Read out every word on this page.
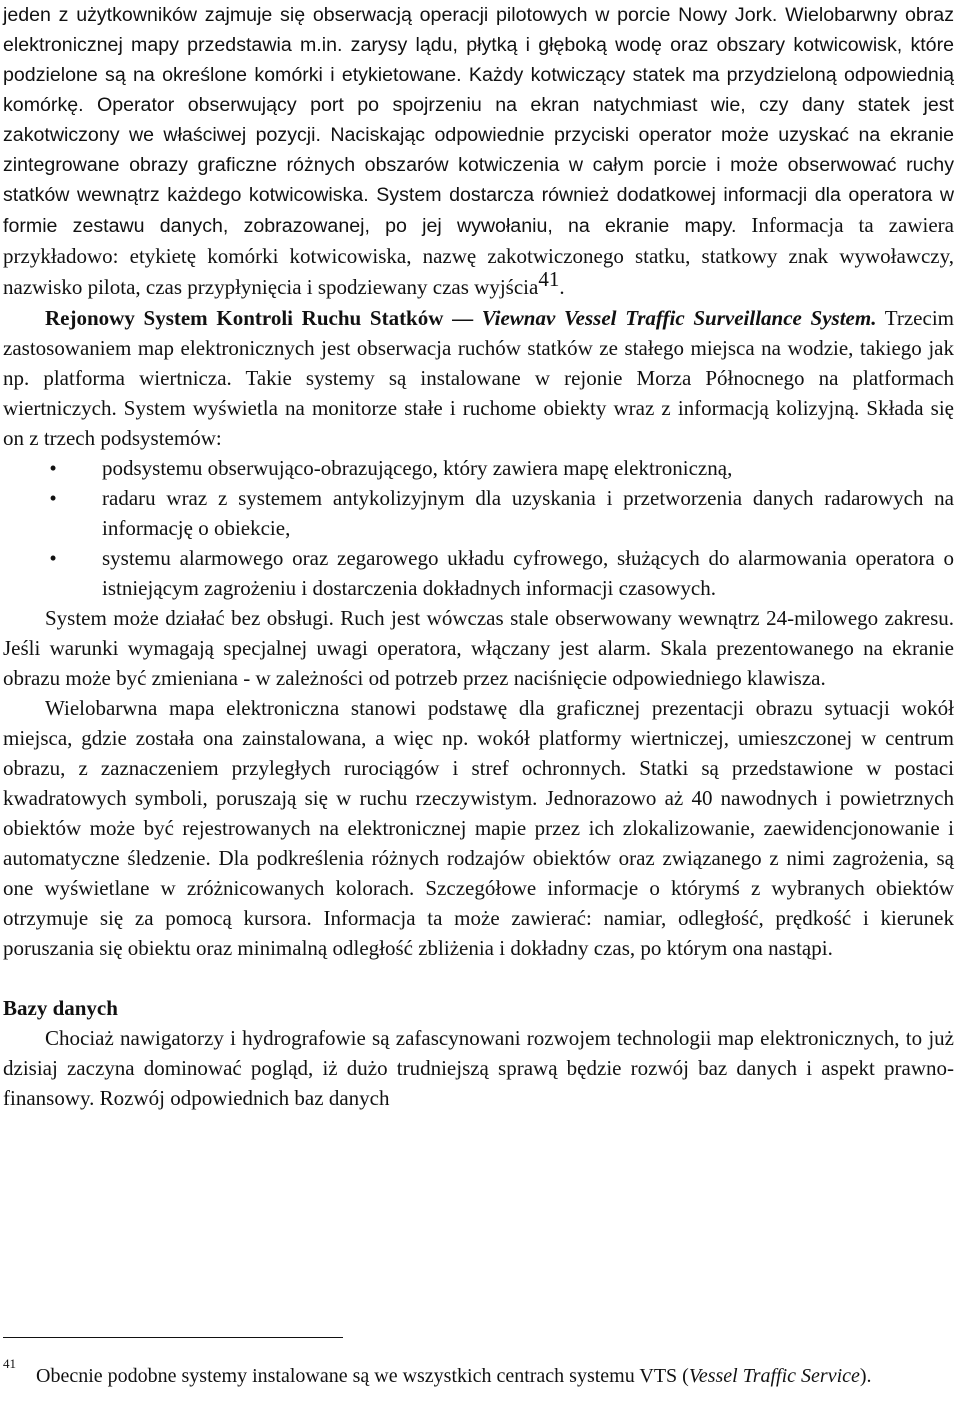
jeden z użytkowników zajmuje się obserwacją operacji pilotowych w porcie Nowy Jork. Wielobarwny obraz elektronicznej mapy przedstawia m.in. zarysy lądu, płytką i głęboką wodę oraz obszary kotwicowisk, które podzielone są na określone komórki i etykietowane. Każdy kotwiczący statek ma przydzieloną odpowiednią komórkę. Operator obserwujący port po spojrzeniu na ekran natychmiast wie, czy dany statek jest zakotwiczony we właściwej pozycji. Naciskając odpowiednie przyciski operator może uzyskać na ekranie zintegrowane obrazy graficzne różnych obszarów kotwiczenia w całym porcie i może obserwować ruchy statków wewnątrz każdego kotwicowiska. System dostarcza również dodatkowej informacji dla operatora w formie zestawu danych, zobrazowanej, po jej wywołaniu, na ekranie mapy. Informacja ta zawiera przykładowo: etykietę komórki kotwicowiska, nazwę zakotwiczonego statku, statkowy znak wywoławczy, nazwisko pilota, czas przypłynięcia i spodziewany czas wyjścia$^{41}$.

Rejonowy System Kontroli Ruchu Statków — Viewnav Vessel Traffic Surveillance System. Trzecim zastosowaniem map elektronicznych jest obserwacja ruchów statków ze stałego miejsca na wodzie, takiego jak np. platforma wiertnicza. Takie systemy są instalowane w rejonie Morza Północnego na platformach wiertniczych. System wyświetla na monitorze stałe i ruchome obiekty wraz z informacją kolizyjną. Składa się on z trzech podsystemów:

•	podsystemu obserwująco-obrazującego, który zawiera mapę elektroniczną,
•	radaru wraz z systemem antykolizyjnym dla uzyskania i przetworzenia danych radarowych na informację o obiekcie,
•	systemu alarmowego oraz zegarowego układu cyfrowego, służących do alarmowania operatora o istniejącym zagrożeniu i dostarczenia dokładnych informacji czasowych.

System może działać bez obsługi. Ruch jest wówczas stale obserwowany wewnątrz 24-milowego zakresu. Jeśli warunki wymagają specjalnej uwagi operatora, włączany jest alarm. Skala prezentowanego na ekranie obrazu może być zmieniana - w zależności od potrzeb przez naciśnięcie odpowiedniego klawisza.

Wielobarwna mapa elektroniczna stanowi podstawę dla graficznej prezentacji obrazu sytuacji wokół miejsca, gdzie została ona zainstalowana, a więc np. wokół platformy wiertniczej, umieszczonej w centrum obrazu, z zaznaczeniem przyległych rurociągów i stref ochronnych. Statki są przedstawione w postaci kwadratowych symboli, poruszają się w ruchu rzeczywistym. Jednorazowo aż 40 nawodnych i powietrznych obiektów może być rejestrowanych na elektronicznej mapie przez ich zlokalizowanie, zaewidencjonowanie i automatyczne śledzenie. Dla podkreślenia różnych rodzajów obiektów oraz związanego z nimi zagrożenia, są one wyświetlane w zróżnicowanych kolorach. Szczegółowe informacje o którymś z wybranych obiektów otrzymuje się za pomocą kursora. Informacja ta może zawierać: namiar, odległość, prędkość i kierunek poruszania się obiektu oraz minimalną odległość zbliżenia i dokładny czas, po którym ona nastąpi.

Bazy danych

Chociaż nawigatorzy i hydrografowie są zafascynowani rozwojem technologii map elektronicznych, to już dzisiaj zaczyna dominować pogląd, iż dużo trudniejszą sprawą będzie rozwój baz danych i aspekt prawno-finansowy. Rozwój odpowiednich baz danych

41
Obecnie podobne systemy instalowane są we wszystkich centrach systemu VTS (Vessel Traffic Service).
